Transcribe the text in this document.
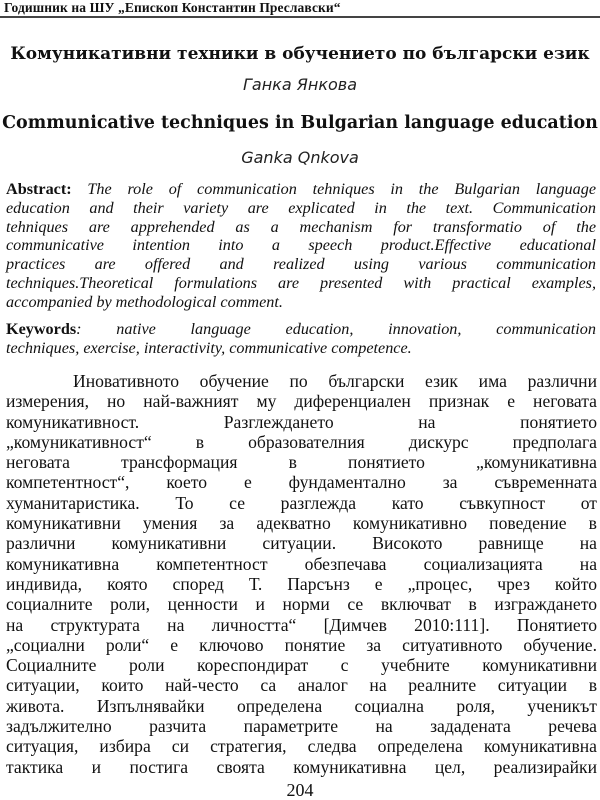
Годишник на ШУ „Епископ Константин Преславски“
Комуникативни техники в обучението по български език
Ганка Янкова
Communicative techniques in Bulgarian language education
Ganka Qnkova
Abstract: The role of communication tehniques in the Bulgarian language
education and their variety are explicated in the text. Communication
tehniques are apprehended as a mechanism for transformatio of the
communicative intention into a speech product.Effective educational
practices are offered and realized using various communication
techniques.Theoretical formulations are presented with practical examples,
accompanied by methodological comment.
Keywords: native language education, innovation, communication
techniques, exercise, interactivity, communicative competence.
Иновативното обучение по български език има различни
измерения, но най-важният му диференциален признак е неговата
комуникативност. Разглеждането на понятието
„комуникативност“ в образователния дискурс предполага
неговата трансформация в понятието „комуникативна
компетентност“, което е фундаментално за съвременната
хуманитаристика. То се разглежда като съвкупност от
комуникативни умения за адекватно комуникативно поведение в
различни комуникативни ситуации. Високото равнище на
комуникативна компетентност обезпечава социализацията на
индивида, която според Т. Парсънз е „процес, чрез който
социалните роли, ценности и норми се включват в изграждането
на структурата на личността“ [Димчев 2010:111]. Понятието
„социални роли“ е ключово понятие за ситуативното обучение.
Социалните роли кореспондират с учебните комуникативни
ситуации, които най-често са аналог на реалните ситуации в
живота. Изпълнявайки определена социална роля, ученикът
задължително разчита параметрите на зададената речева
ситуация, избира си стратегия, следва определена комуникативна
тактика и постига своята комуникативна цел, реализирайки
204
